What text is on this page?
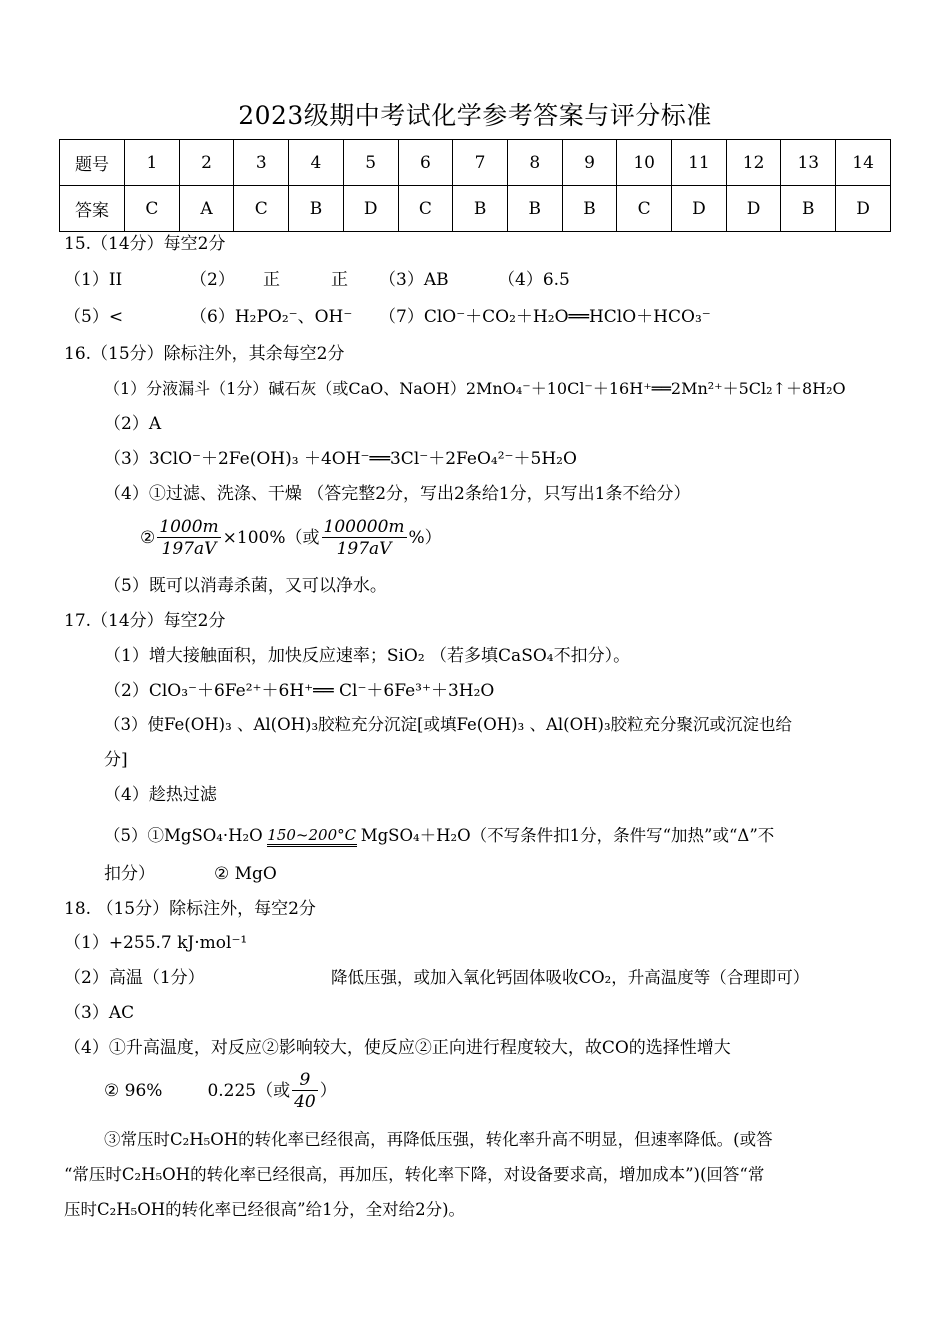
2023级期中考试化学参考答案与评分标准
题号	1	2	3	4	5	6	7	8	9	10	11	12	13	14
答案	C	A	C	B	D	C	B	B	B	C	D	D	B	D
15.（14分）每空2分
（1）II	（2） 正	正 （3）AB	（4）6.5
（5）<	（6）H₂PO₂⁻、OH⁻ （7）ClO⁻＋CO₂＋H₂O══HClO＋HCO₃⁻
16.（15分）除标注外，其余每空2分
（1）分液漏斗（1分）碱石灰（或CaO、NaOH）2MnO₄⁻＋10Cl⁻＋16H⁺══2Mn²⁺＋5Cl₂↑＋8H₂O
（2）A
（3）3ClO⁻＋2Fe(OH)₃ ＋4OH⁻══3Cl⁻＋2FeO₄²⁻＋5H₂O
（4）①过滤、洗涤、干燥 （答完整2分，写出2条给1分，只写出1条不给分）
② $\frac{1000m}{197aV} \times 100\%$（或 $\frac{100000m}{197aV}$ %）
（5）既可以消毒杀菌，又可以净水。
17.（14分）每空2分
（1）增大接触面积，加快反应速率；SiO₂ （若多填CaSO₄不扣分）。
（2）ClO₃⁻＋6Fe²⁺＋6H⁺══ Cl⁻＋6Fe³⁺＋3H₂O
（3）使Fe(OH)₃ 、Al(OH)₃胶粒充分沉淀[或填Fe(OH)₃ 、Al(OH)₃胶粒充分聚沉或沉淀也给
分]
（4）趁热过滤
（5）①MgSO₄·H₂O 150~200°C MgSO₄＋H₂O（不写条件扣1分，条件写“加热”或“Δ”不
扣分）	② MgO
18. （15分）除标注外，每空2分
（1）+255.7 kJ·mol⁻¹
（2）高温（1分）	降低压强，或加入氧化钙固体吸收CO₂，升高温度等（合理即可）
（3）AC
（4）①升高温度，对反应②影响较大，使反应②正向进行程度较大，故CO的选择性增大
② 96%	0.225（或 $\frac{9}{40}$ ）
③常压时C₂H₅OH的转化率已经很高，再降低压强，转化率升高不明显，但速率降低。(或答
“常压时C₂H₅OH的转化率已经很高，再加压，转化率下降，对设备要求高，增加成本”)(回答“常
压时C₂H₅OH的转化率已经很高”给1分，全对给2分)。
